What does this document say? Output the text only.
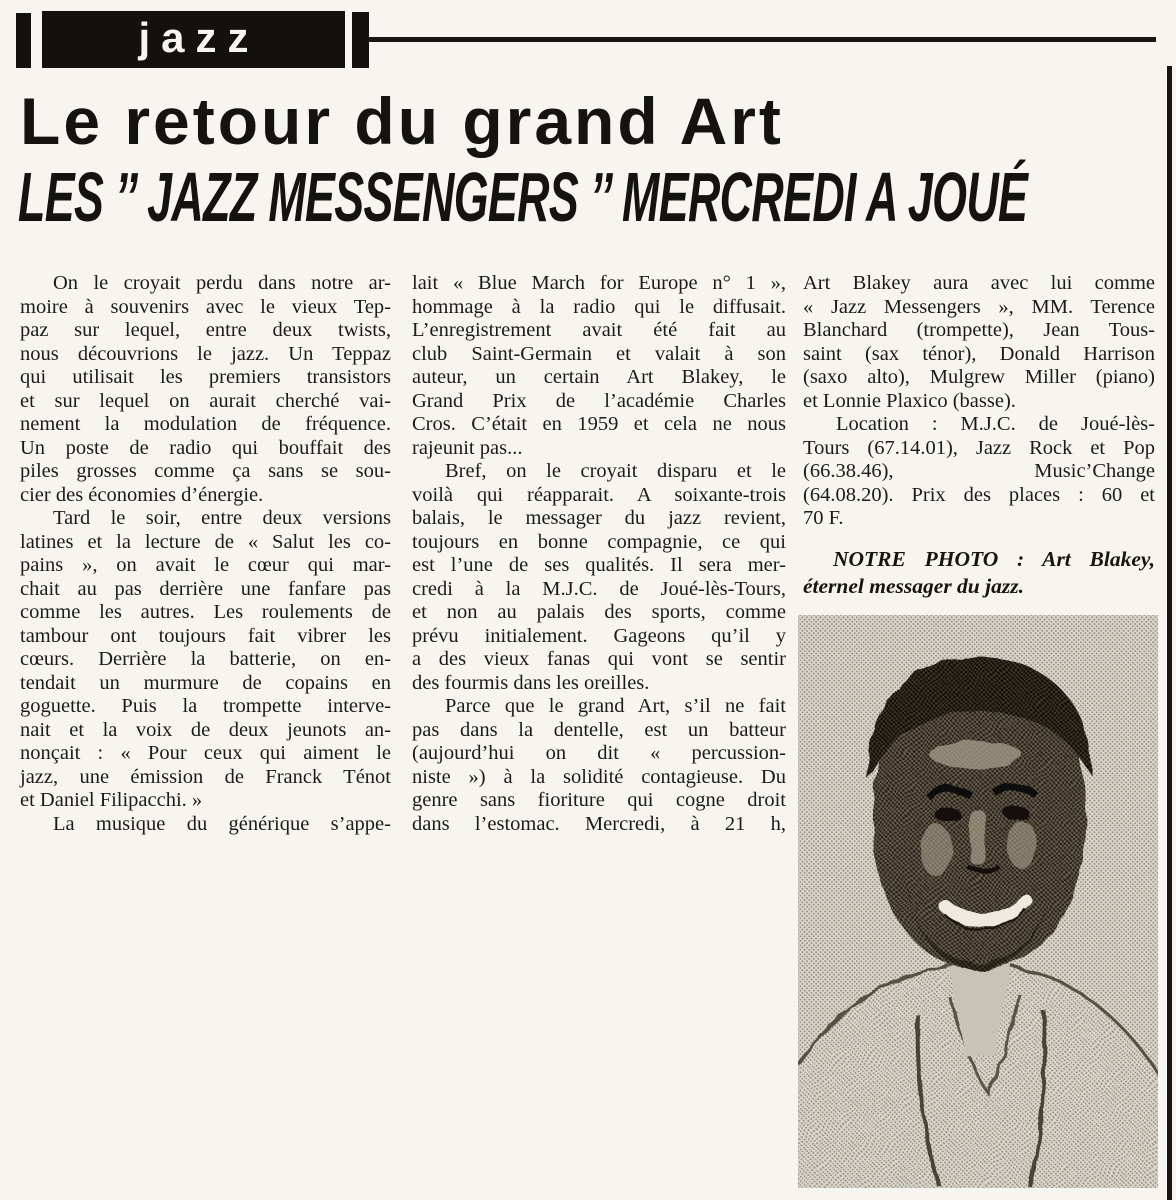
jazz
Le retour du grand Art
LES ’’ JAZZ MESSENGERS ’’ MERCREDI A JOUÉ
On le croyait perdu dans notre ar-
moire à souvenirs avec le vieux Tep-
paz sur lequel, entre deux twists,
nous découvrions le jazz. Un Teppaz
qui utilisait les premiers transistors
et sur lequel on aurait cherché vai-
nement la modulation de fréquence.
Un poste de radio qui bouffait des
piles grosses comme ça sans se sou-
cier des économies d’énergie.
Tard le soir, entre deux versions
latines et la lecture de « Salut les co-
pains », on avait le cœur qui mar-
chait au pas derrière une fanfare pas
comme les autres. Les roulements de
tambour ont toujours fait vibrer les
cœurs. Derrière la batterie, on en-
tendait un murmure de copains en
goguette. Puis la trompette interve-
nait et la voix de deux jeunots an-
nonçait : « Pour ceux qui aiment le
jazz, une émission de Franck Ténot
et Daniel Filipacchi. »
La musique du générique s’appe-
lait « Blue March for Europe n° 1 »,
hommage à la radio qui le diffusait.
L’enregistrement avait été fait au
club Saint-Germain et valait à son
auteur, un certain Art Blakey, le
Grand Prix de l’académie Charles
Cros. C’était en 1959 et cela ne nous
rajeunit pas...
Bref, on le croyait disparu et le
voilà qui réapparait. A soixante-trois
balais, le messager du jazz revient,
toujours en bonne compagnie, ce qui
est l’une de ses qualités. Il sera mer-
credi à la M.J.C. de Joué-lès-Tours,
et non au palais des sports, comme
prévu initialement. Gageons qu’il y
a des vieux fanas qui vont se sentir
des fourmis dans les oreilles.
Parce que le grand Art, s’il ne fait
pas dans la dentelle, est un batteur
(aujourd’hui on dit « percussion-
niste ») à la solidité contagieuse. Du
genre sans fioriture qui cogne droit
dans l’estomac. Mercredi, à 21 h,
Art Blakey aura avec lui comme
« Jazz Messengers », MM. Terence
Blanchard (trompette), Jean Tous-
saint (sax ténor), Donald Harrison
(saxo alto), Mulgrew Miller (piano)
et Lonnie Plaxico (basse).
Location : M.J.C. de Joué-lès-
Tours (67.14.01), Jazz Rock et Pop
(66.38.46), Music’Change
(64.08.20). Prix des places : 60 et
70 F.
NOTRE PHOTO : Art Blakey,
éternel messager du jazz.
